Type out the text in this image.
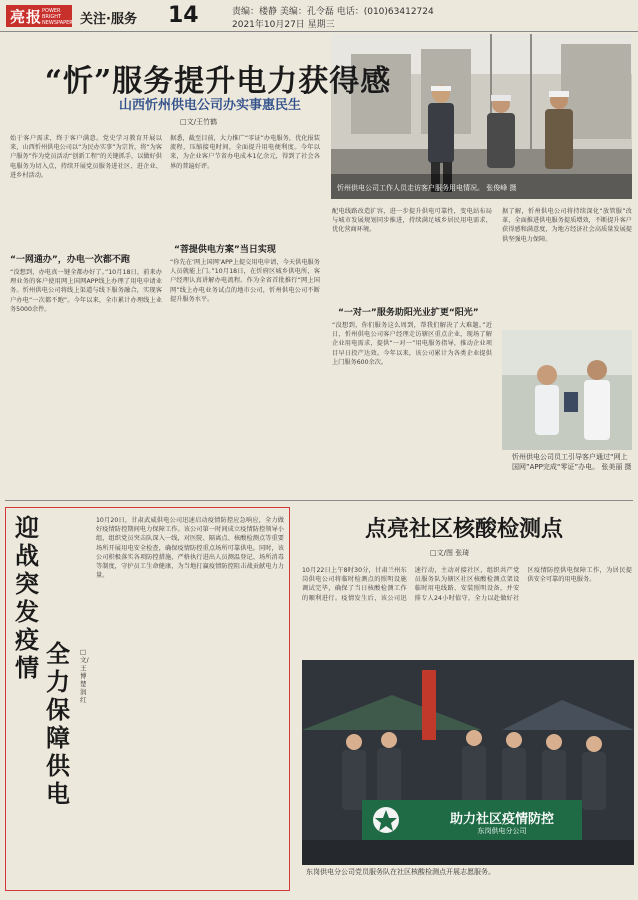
亮报 POWER BRIGHT NEWSPAPER 关注·服务 14	责编：楼静 美编：孔令磊 电话：(010)63412724
2021年10月27日 星期三
忻州供电公司工作人员走访客户服务用电情况。 张俊峰 摄
“忻”服务提升电力获得感
山西忻州供电公司办实事惠民生
□文/王竹鹤
始于客户需求，终于客户满意。党史学习教育开展以来，山西忻州供电公司以“为民办实事”为宗旨，将“为客户服务”作为党员活动“创新工程”的关键抓手，以做好供电服务为切入点，持续开展党员服务进社区、进企业、进乡村活动。
“一网通办”，办电一次都不跑
“没想到，办电真一键全都办好了。”10月18日，前来办理业务的客户使用网上国网APP线上办理了用电申请业务。忻州供电公司将线上渠道与线下服务融合，实现客户办电“一次都不跑”。今年以来，全市累计办理线上业务5000余件。
据悉，截至目前，大力推广“零证”办电服务，优化报装流程，压缩接电时间，全面提升用电便利度。今年以来，为企业客户节省办电成本1亿余元，得到了社会各界的普遍好评。
“菩提供电方案”当日实现
“你先在‘网上国网’APP上提交用电申请，今天供电服务人员就能上门。”10月18日，在忻府区城乡供电所，客户经理认真讲解办电流程。作为全省首批推行“网上国网”线上办电业务试点的地市公司，忻州供电公司不断提升服务水平。
配电线路改造扩容，进一步提升供电可靠性，变电站布局与城市发展规划同步推进，持续满足城乡居民用电需求，优化营商环境。
“一对一”服务助阳光业扩更“阳光”
“没想到，你们服务这么周到，帮我们解决了大难题。”近日，忻州供电公司客户经理走访辖区重点企业，现场了解企业用电需求，提供“一对一”用电服务指导，推动企业项目早日投产达效。今年以来，该公司累计为各类企业提供上门服务600余次。
据了解，忻州供电公司将持续深化“放管服”改革，全面推进供电服务提质增效，不断提升客户获得感和满意度，为地方经济社会高质量发展提供坚强电力保障。
忻州供电公司员工引导客户通过“网上国网”APP完成“零证”办电。 张美丽 摄
迎战突发疫情 全力保障供电
□文/王博 楚润红
10月20日，甘肃武威供电公司迅速启动疫情防控应急响应，全力做好疫情防控期间电力保障工作。该公司第一时间成立疫情防控领导小组，组织党员突击队深入一线，对医院、隔离点、核酸检测点等重要场所开展用电安全检查，确保疫情防控重点场所可靠供电。同时，该公司积极落实各项防控措施，严格执行进出人员测温登记、场所消毒等制度，守护员工生命健康，为当地打赢疫情防控阻击战贡献电力力量。
点亮社区核酸检测点
□文/图 张琦
10月22日上午8时30分，甘肃兰州东岗供电公司将临时检测点的照明设施调试完毕，确保了当日核酸检测工作的顺利进行。疫情发生后，该公司迅速行动，主动对接社区，组织共产党员服务队为辖区社区核酸检测点架设临时用电线路、安装照明设备，并安排专人24小时值守，全力以赴做好社区疫情防控供电保障工作，为居民提供安全可靠的用电服务。
助力社区疫情防控
东岗供电分公司
东岗供电分公司党员服务队在社区核酸检测点开展志愿服务。
